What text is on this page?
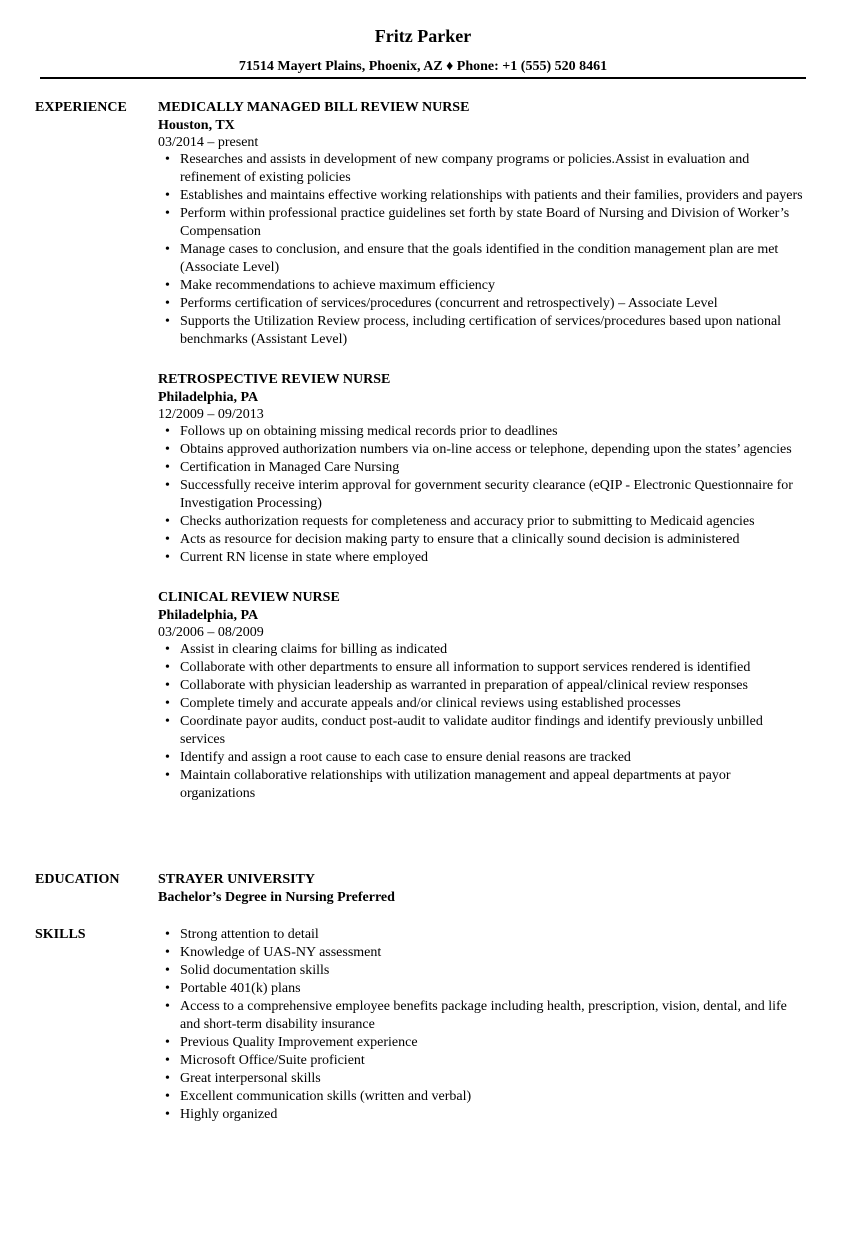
Fritz Parker
71514 Mayert Plains, Phoenix, AZ ♦ Phone: +1 (555) 520 8461
EXPERIENCE MEDICALLY MANAGED BILL REVIEW NURSE
Houston, TX
03/2014 – present
• Researches and assists in development of new company programs or policies.Assist in evaluation and refinement of existing policies
• Establishes and maintains effective working relationships with patients and their families, providers and payers
• Perform within professional practice guidelines set forth by state Board of Nursing and Division of Worker’s Compensation
• Manage cases to conclusion, and ensure that the goals identified in the condition management plan are met (Associate Level)
• Make recommendations to achieve maximum efficiency
• Performs certification of services/procedures (concurrent and retrospectively) – Associate Level
• Supports the Utilization Review process, including certification of services/procedures based upon national benchmarks (Assistant Level)
RETROSPECTIVE REVIEW NURSE
Philadelphia, PA
12/2009 – 09/2013
• Follows up on obtaining missing medical records prior to deadlines
• Obtains approved authorization numbers via on-line access or telephone, depending upon the states’ agencies
• Certification in Managed Care Nursing
• Successfully receive interim approval for government security clearance (eQIP - Electronic Questionnaire for Investigation Processing)
• Checks authorization requests for completeness and accuracy prior to submitting to Medicaid agencies
• Acts as resource for decision making party to ensure that a clinically sound decision is administered
• Current RN license in state where employed
CLINICAL REVIEW NURSE
Philadelphia, PA
03/2006 – 08/2009
• Assist in clearing claims for billing as indicated
• Collaborate with other departments to ensure all information to support services rendered is identified
• Collaborate with physician leadership as warranted in preparation of appeal/clinical review responses
• Complete timely and accurate appeals and/or clinical reviews using established processes
• Coordinate payor audits, conduct post-audit to validate auditor findings and identify previously unbilled services
• Identify and assign a root cause to each case to ensure denial reasons are tracked
• Maintain collaborative relationships with utilization management and appeal departments at payor organizations
EDUCATION	STRAYER UNIVERSITY
Bachelor’s Degree in Nursing Preferred
SKILLS
•	Strong attention to detail
• Knowledge of UAS-NY assessment
• Solid documentation skills
• Portable 401(k) plans
• Access to a comprehensive employee benefits package including health, prescription, vision, dental, and life and short-term disability insurance
• Previous Quality Improvement experience
• Microsoft Office/Suite proficient
• Great interpersonal skills
• Excellent communication skills (written and verbal)
• Highly organized
